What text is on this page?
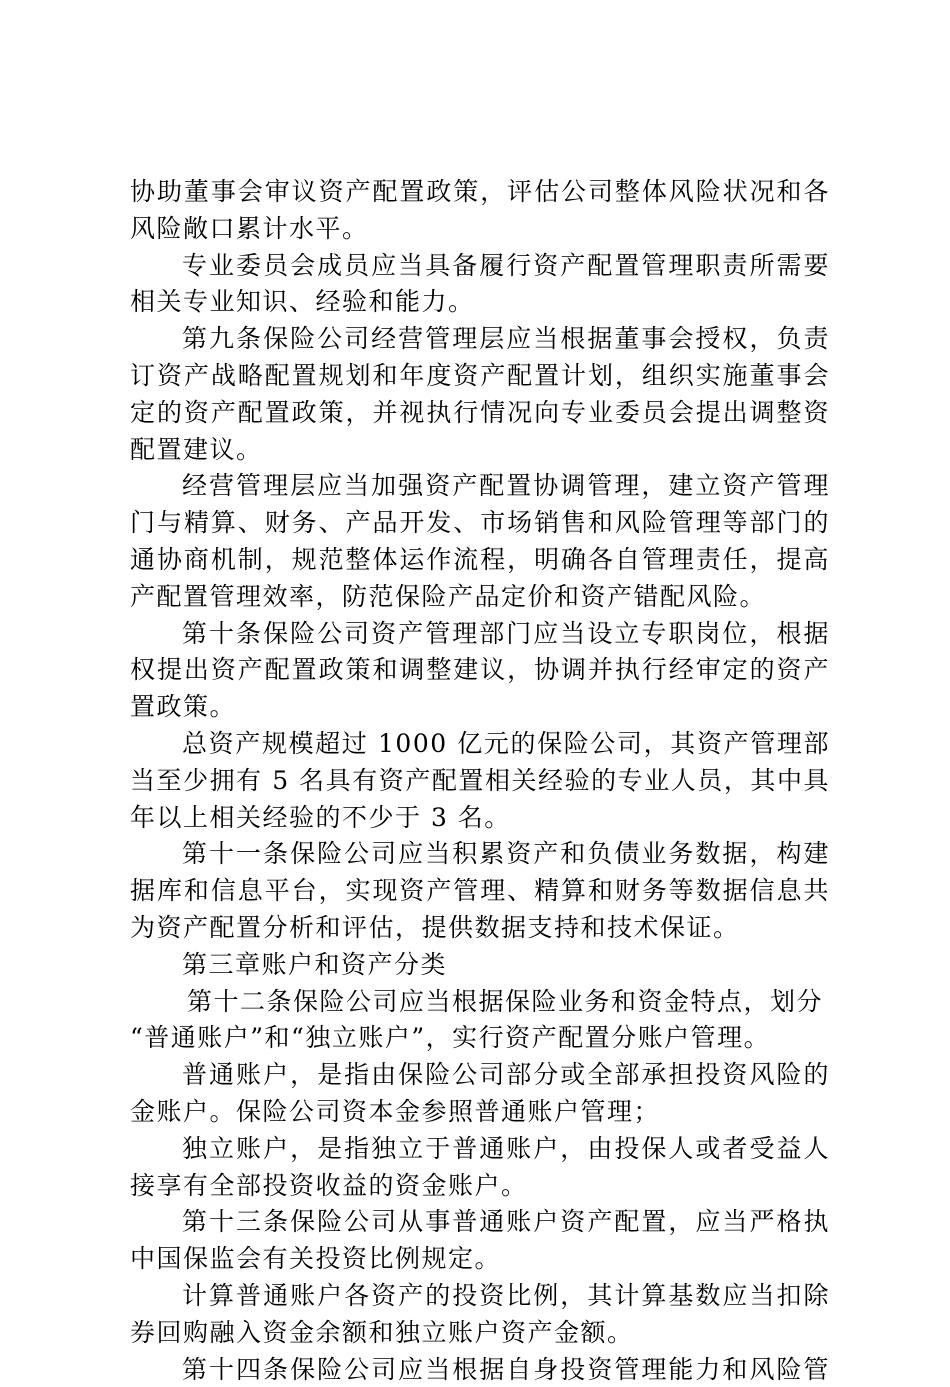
协助董事会审议资产配置政策，评估公司整体风险状况和各
风险敞口累计水平。
专业委员会成员应当具备履行资产配置管理职责所需要
相关专业知识、经验和能力。
第九条保险公司经营管理层应当根据董事会授权，负责
订资产战略配置规划和年度资产配置计划，组织实施董事会
定的资产配置政策，并视执行情况向专业委员会提出调整资
配置建议。
经营管理层应当加强资产配置协调管理，建立资产管理
门与精算、财务、产品开发、市场销售和风险管理等部门的
通协商机制，规范整体运作流程，明确各自管理责任，提高
产配置管理效率，防范保险产品定价和资产错配风险。
第十条保险公司资产管理部门应当设立专职岗位，根据
权提出资产配置政策和调整建议，协调并执行经审定的资产
置政策。
总资产规模超过 1000 亿元的保险公司，其资产管理部
当至少拥有 5 名具有资产配置相关经验的专业人员，其中具
年以上相关经验的不少于 3 名。
第十一条保险公司应当积累资产和负债业务数据，构建
据库和信息平台，实现资产管理、精算和财务等数据信息共
为资产配置分析和评估，提供数据支持和技术保证。
第三章账户和资产分类
第十二条保险公司应当根据保险业务和资金特点，划分
“普通账户”和“独立账户”，实行资产配置分账户管理。
普通账户，是指由保险公司部分或全部承担投资风险的
金账户。保险公司资本金参照普通账户管理；
独立账户，是指独立于普通账户，由投保人或者受益人
接享有全部投资收益的资金账户。
第十三条保险公司从事普通账户资产配置，应当严格执
中国保监会有关投资比例规定。
计算普通账户各资产的投资比例，其计算基数应当扣除
券回购融入资金余额和独立账户资产金额。
第十四条保险公司应当根据自身投资管理能力和风险管
